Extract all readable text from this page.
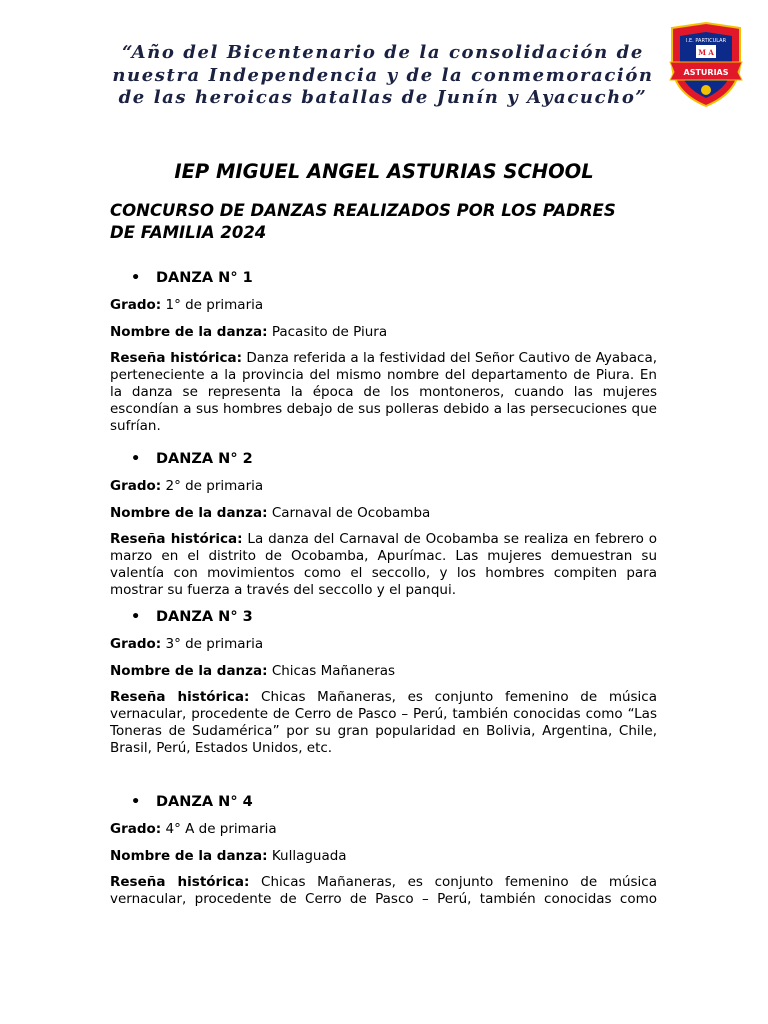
“Año del Bicentenario de la consolidación de nuestra Independencia y de la conmemoración de las heroicas batallas de Junín y Ayacucho”
I.E. PARTICULAR
M A
ASTURIAS
IEP MIGUEL ANGEL ASTURIAS SCHOOL
CONCURSO DE DANZAS REALIZADOS POR LOS PADRES DE FAMILIA 2024
• DANZA N° 1
Grado: 1° de primaria
Nombre de la danza: Pacasito de Piura
Reseña histórica: Danza referida a la festividad del Señor Cautivo de Ayabaca, perteneciente a la provincia del mismo nombre del departamento de Piura. En la danza se representa la época de los montoneros, cuando las mujeres escondían a sus hombres debajo de sus polleras debido a las persecuciones que sufrían.
• DANZA N° 2
Grado: 2° de primaria
Nombre de la danza: Carnaval de Ocobamba
Reseña histórica: La danza del Carnaval de Ocobamba se realiza en febrero o marzo en el distrito de Ocobamba, Apurímac. Las mujeres demuestran su valentía con movimientos como el seccollo, y los hombres compiten para mostrar su fuerza a través del seccollo y el panqui.
• DANZA N° 3
Grado: 3° de primaria
Nombre de la danza: Chicas Mañaneras
Reseña histórica: Chicas Mañaneras, es conjunto femenino de música vernacular, procedente de Cerro de Pasco – Perú, también conocidas como “Las Toneras de Sudamérica” por su gran popularidad en Bolivia, Argentina, Chile, Brasil, Perú, Estados Unidos, etc.
• DANZA N° 4
Grado: 4° A de primaria
Nombre de la danza: Kullaguada
Reseña histórica: Chicas Mañaneras, es conjunto femenino de música vernacular, procedente de Cerro de Pasco – Perú, también conocidas como
